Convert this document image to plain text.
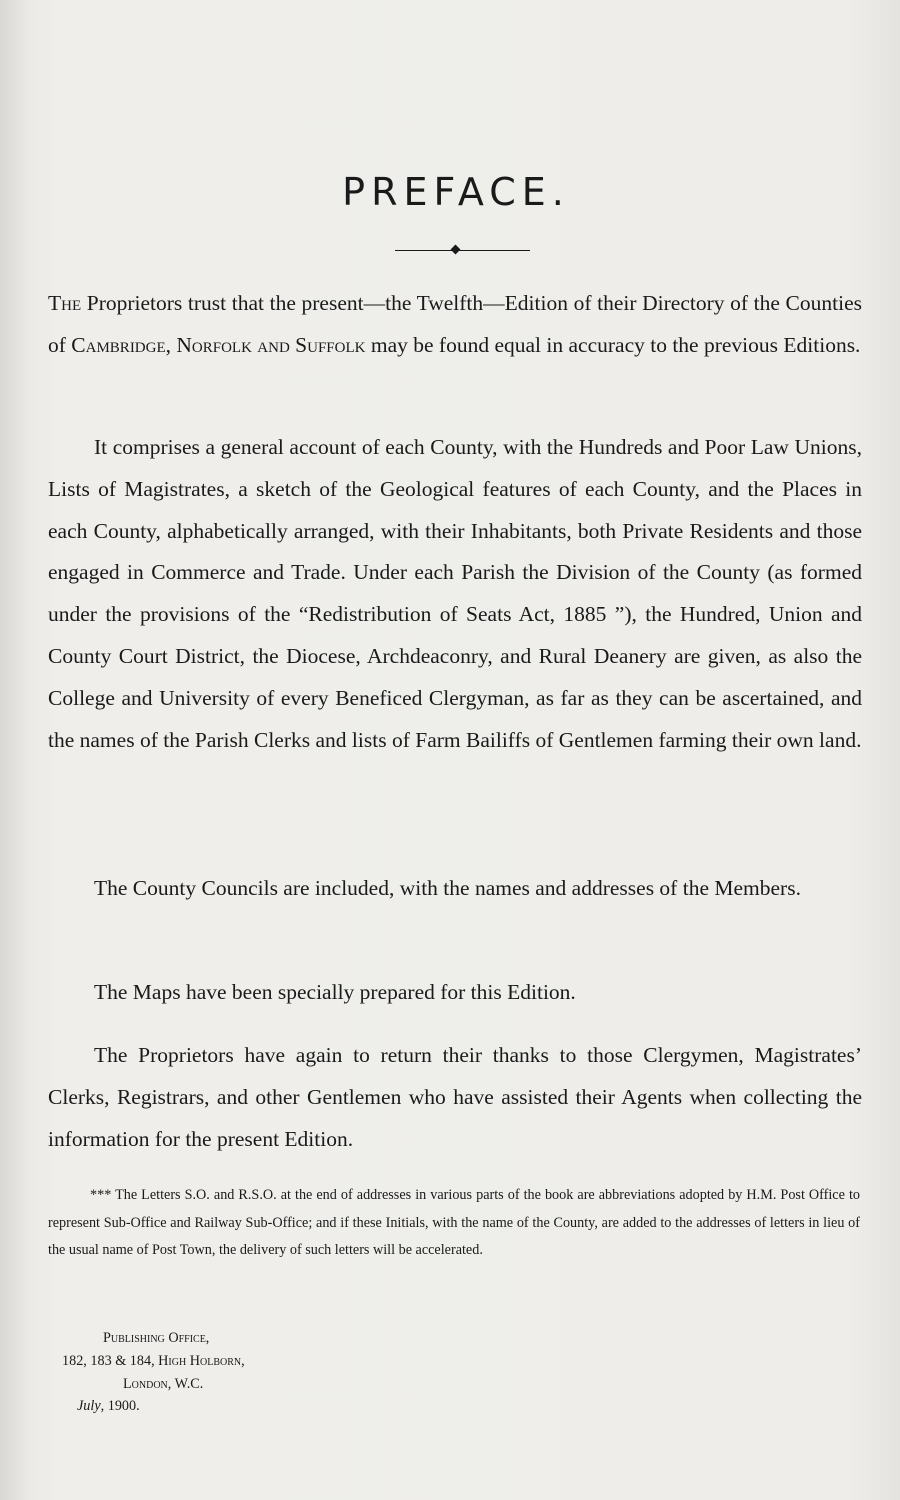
PREFACE.

The Proprietors trust that the present—the Twelfth—Edition of their Directory of the Counties of Cambridge, Norfolk and Suffolk may be found equal in accuracy to the previous Editions.

It comprises a general account of each County, with the Hundreds and Poor Law Unions, Lists of Magistrates, a sketch of the Geological features of each County, and the Places in each County, alphabetically arranged, with their Inhabitants, both Private Residents and those engaged in Commerce and Trade. Under each Parish the Division of the County (as formed under the provisions of the “Redistribution of Seats Act, 1885 ”), the Hundred, Union and County Court District, the Diocese, Archdeaconry, and Rural Deanery are given, as also the College and University of every Beneficed Clergyman, as far as they can be ascertained, and the names of the Parish Clerks and lists of Farm Bailiffs of Gentlemen farming their own land.

The County Councils are included, with the names and addresses of the Members.

The Maps have been specially prepared for this Edition.

The Proprietors have again to return their thanks to those Clergymen, Magistrates’ Clerks, Registrars, and other Gentlemen who have assisted their Agents when collecting the information for the present Edition.

*** The Letters S.O. and R.S.O. at the end of addresses in various parts of the book are abbreviations adopted by H.M. Post Office to represent Sub-Office and Railway Sub-Office; and if these Initials, with the name of the County, are added to the addresses of letters in lieu of the usual name of Post Town, the delivery of such letters will be accelerated.

Publishing Office,

182, 183 & 184, High Holborn,

London, W.C.

July, 1900.
